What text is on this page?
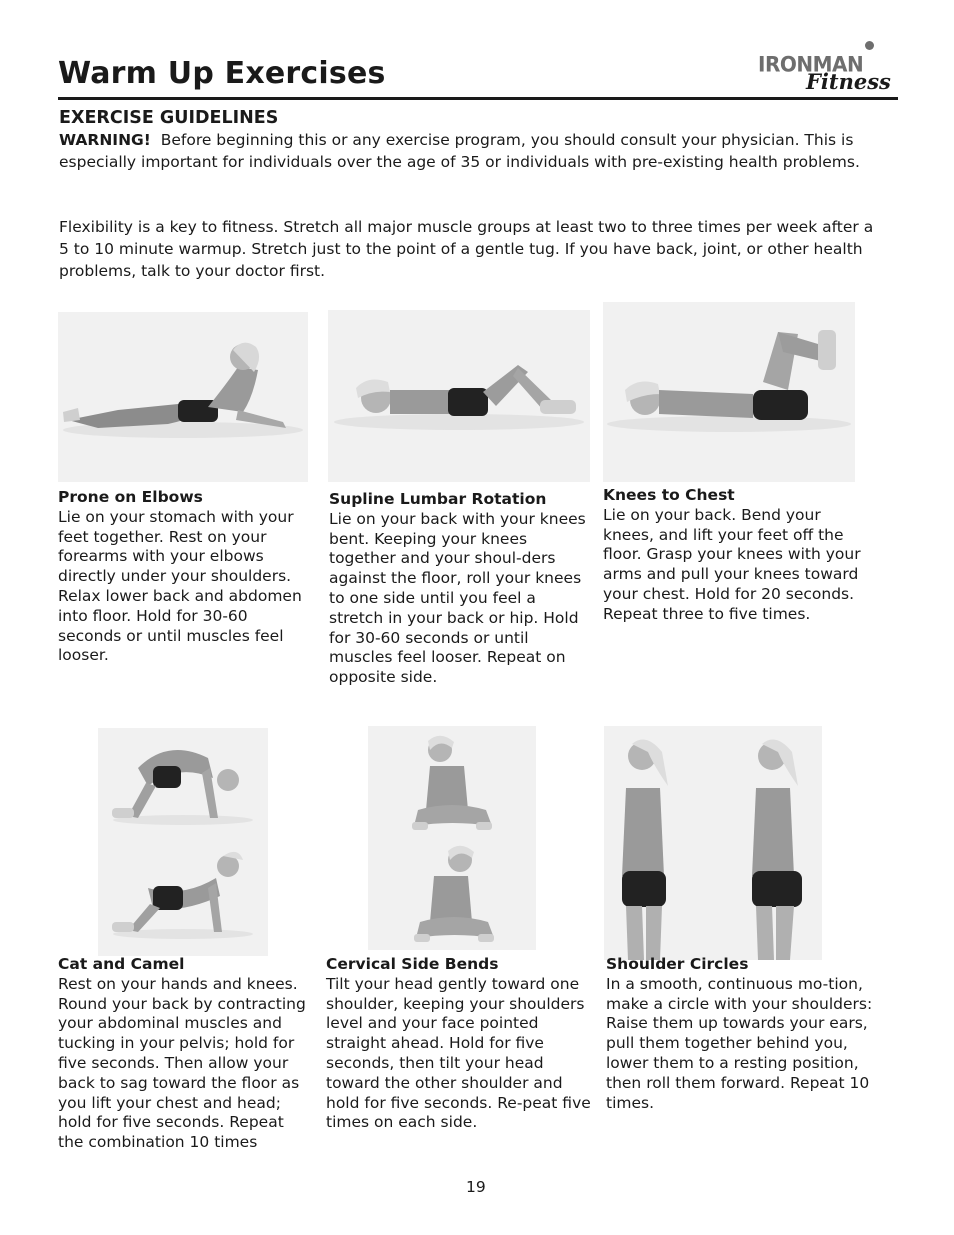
Warm Up Exercises	IRONMAN
Fitness
EXERCISE GUIDELINES
WARNING! Before beginning this or any exercise program, you should consult your physician. This is especially important for individuals over the age of 35 or individuals with pre-existing health problems.
Flexibility is a key to fitness. Stretch all major muscle groups at least two to three times per week after a 5 to 10 minute warmup. Stretch just to the point of a gentle tug. If you have back, joint, or other health problems, talk to your doctor first.
Prone on Elbows
Lie on your stomach with your feet together. Rest on your forearms with your elbows directly under your shoulders. Relax lower back and abdomen into floor. Hold for 30-60 seconds or until muscles feel looser.
Supline Lumbar Rotation
Lie on your back with your knees bent. Keeping your knees together and your shoul-ders against the floor, roll your knees to one side until you feel a stretch in your back or hip. Hold for 30-60 seconds or until muscles feel looser. Repeat on opposite side.
Knees to Chest
Lie on your back. Bend your knees, and lift your feet off the floor. Grasp your knees with your arms and pull your knees toward your chest. Hold for 20 seconds. Repeat three to five times.
Cat and Camel
Rest on your hands and knees. Round your back by contracting your abdominal muscles and tucking in your pelvis; hold for five seconds. Then allow your back to sag toward the floor as you lift your chest and head; hold for five seconds. Repeat the combination 10 times
Cervical Side Bends
Tilt your head gently toward one shoulder, keeping your shoulders level and your face pointed straight ahead. Hold for five seconds, then tilt your head toward the other shoulder and hold for five seconds. Re-peat five times on each side.
Shoulder Circles
In a smooth, continuous mo-tion, make a circle with your shoulders: Raise them up towards your ears, pull them together behind you, lower them to a resting position, then roll them forward. Repeat 10 times.
19
